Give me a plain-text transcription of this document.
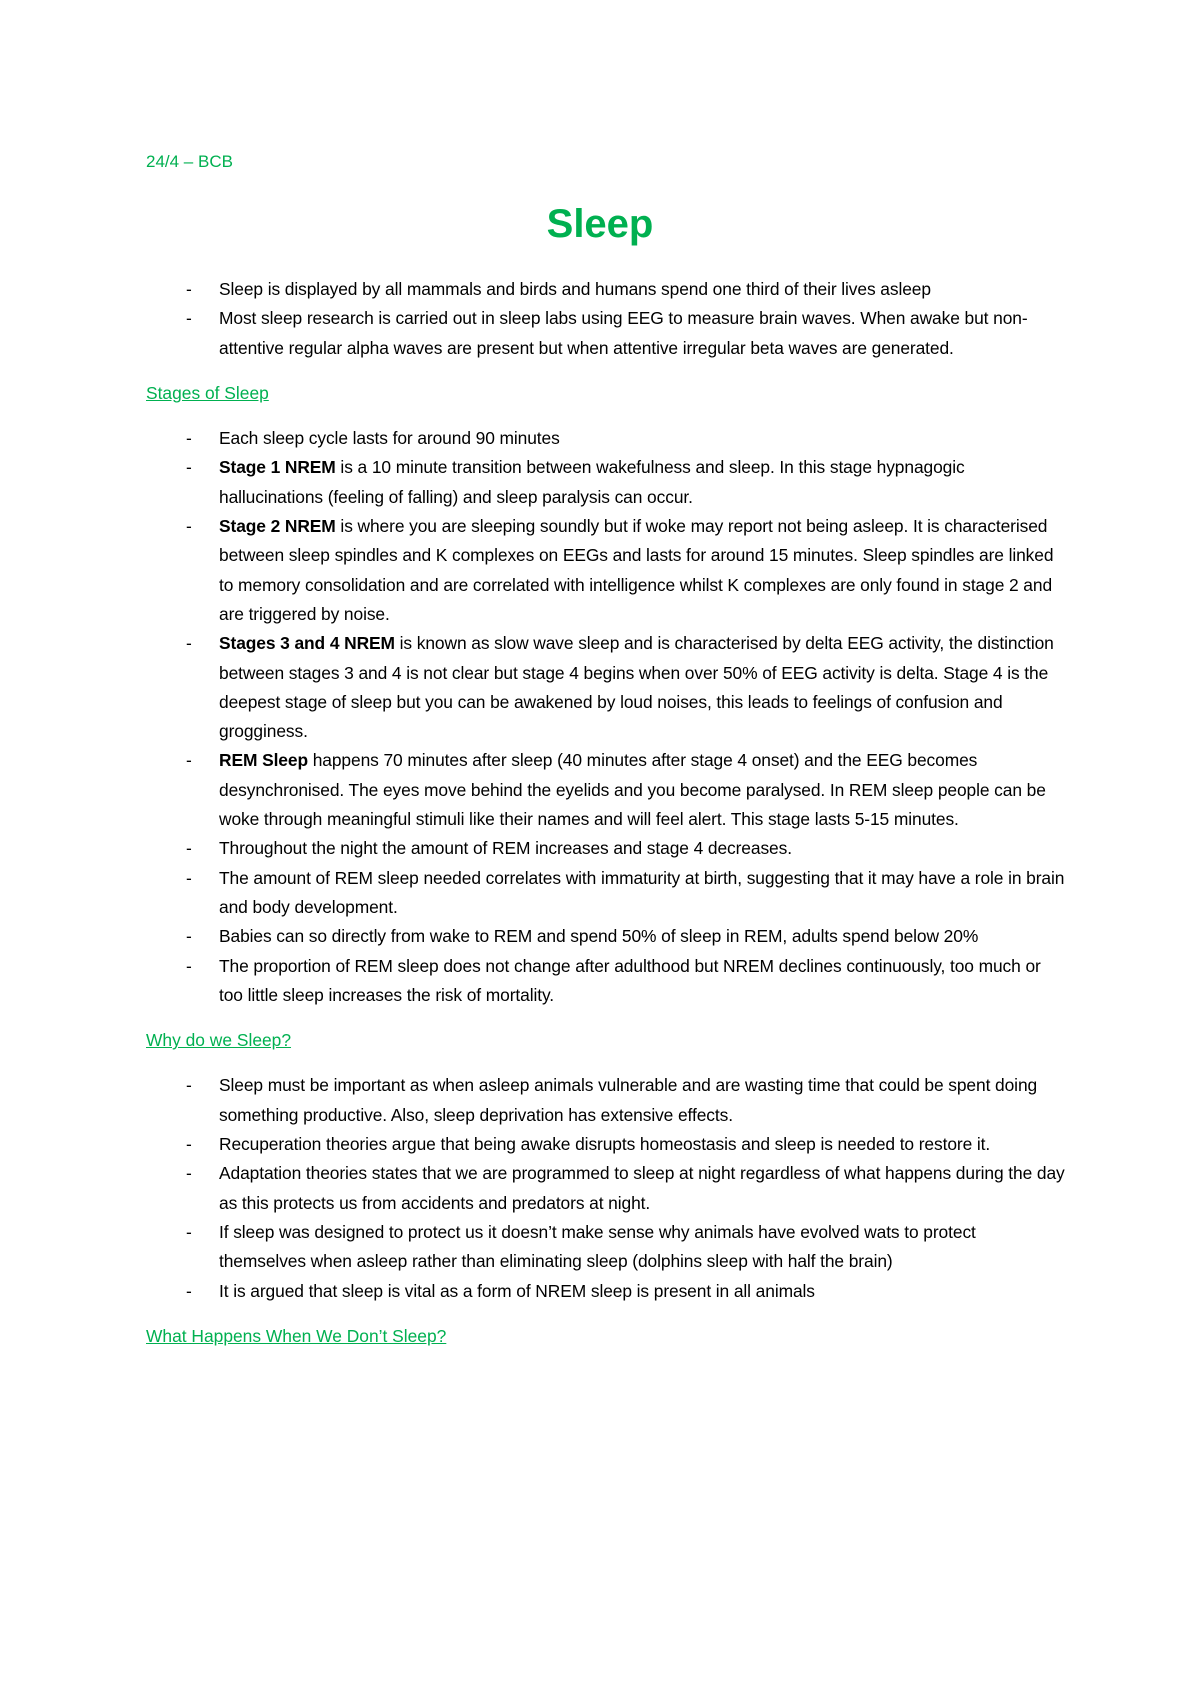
24/4 – BCB
Sleep
- Sleep is displayed by all mammals and birds and humans spend one third of their lives asleep
- Most sleep research is carried out in sleep labs using EEG to measure brain waves. When awake but non-attentive regular alpha waves are present but when attentive irregular beta waves are generated.
Stages of Sleep
- Each sleep cycle lasts for around 90 minutes
- Stage 1 NREM is a 10 minute transition between wakefulness and sleep. In this stage hypnagogic hallucinations (feeling of falling) and sleep paralysis can occur.
- Stage 2 NREM is where you are sleeping soundly but if woke may report not being asleep. It is characterised between sleep spindles and K complexes on EEGs and lasts for around 15 minutes. Sleep spindles are linked to memory consolidation and are correlated with intelligence whilst K complexes are only found in stage 2 and are triggered by noise.
- Stages 3 and 4 NREM is known as slow wave sleep and is characterised by delta EEG activity, the distinction between stages 3 and 4 is not clear but stage 4 begins when over 50% of EEG activity is delta. Stage 4 is the deepest stage of sleep but you can be awakened by loud noises, this leads to feelings of confusion and grogginess.
- REM Sleep happens 70 minutes after sleep (40 minutes after stage 4 onset) and the EEG becomes desynchronised. The eyes move behind the eyelids and you become paralysed. In REM sleep people can be woke through meaningful stimuli like their names and will feel alert. This stage lasts 5-15 minutes.
- Throughout the night the amount of REM increases and stage 4 decreases.
- The amount of REM sleep needed correlates with immaturity at birth, suggesting that it may have a role in brain and body development.
- Babies can so directly from wake to REM and spend 50% of sleep in REM, adults spend below 20%
- The proportion of REM sleep does not change after adulthood but NREM declines continuously, too much or too little sleep increases the risk of mortality.
Why do we Sleep?
- Sleep must be important as when asleep animals vulnerable and are wasting time that could be spent doing something productive. Also, sleep deprivation has extensive effects.
- Recuperation theories argue that being awake disrupts homeostasis and sleep is needed to restore it.
- Adaptation theories states that we are programmed to sleep at night regardless of what happens during the day as this protects us from accidents and predators at night.
- If sleep was designed to protect us it doesn’t make sense why animals have evolved wats to protect themselves when asleep rather than eliminating sleep (dolphins sleep with half the brain)
- It is argued that sleep is vital as a form of NREM sleep is present in all animals
What Happens When We Don’t Sleep?
